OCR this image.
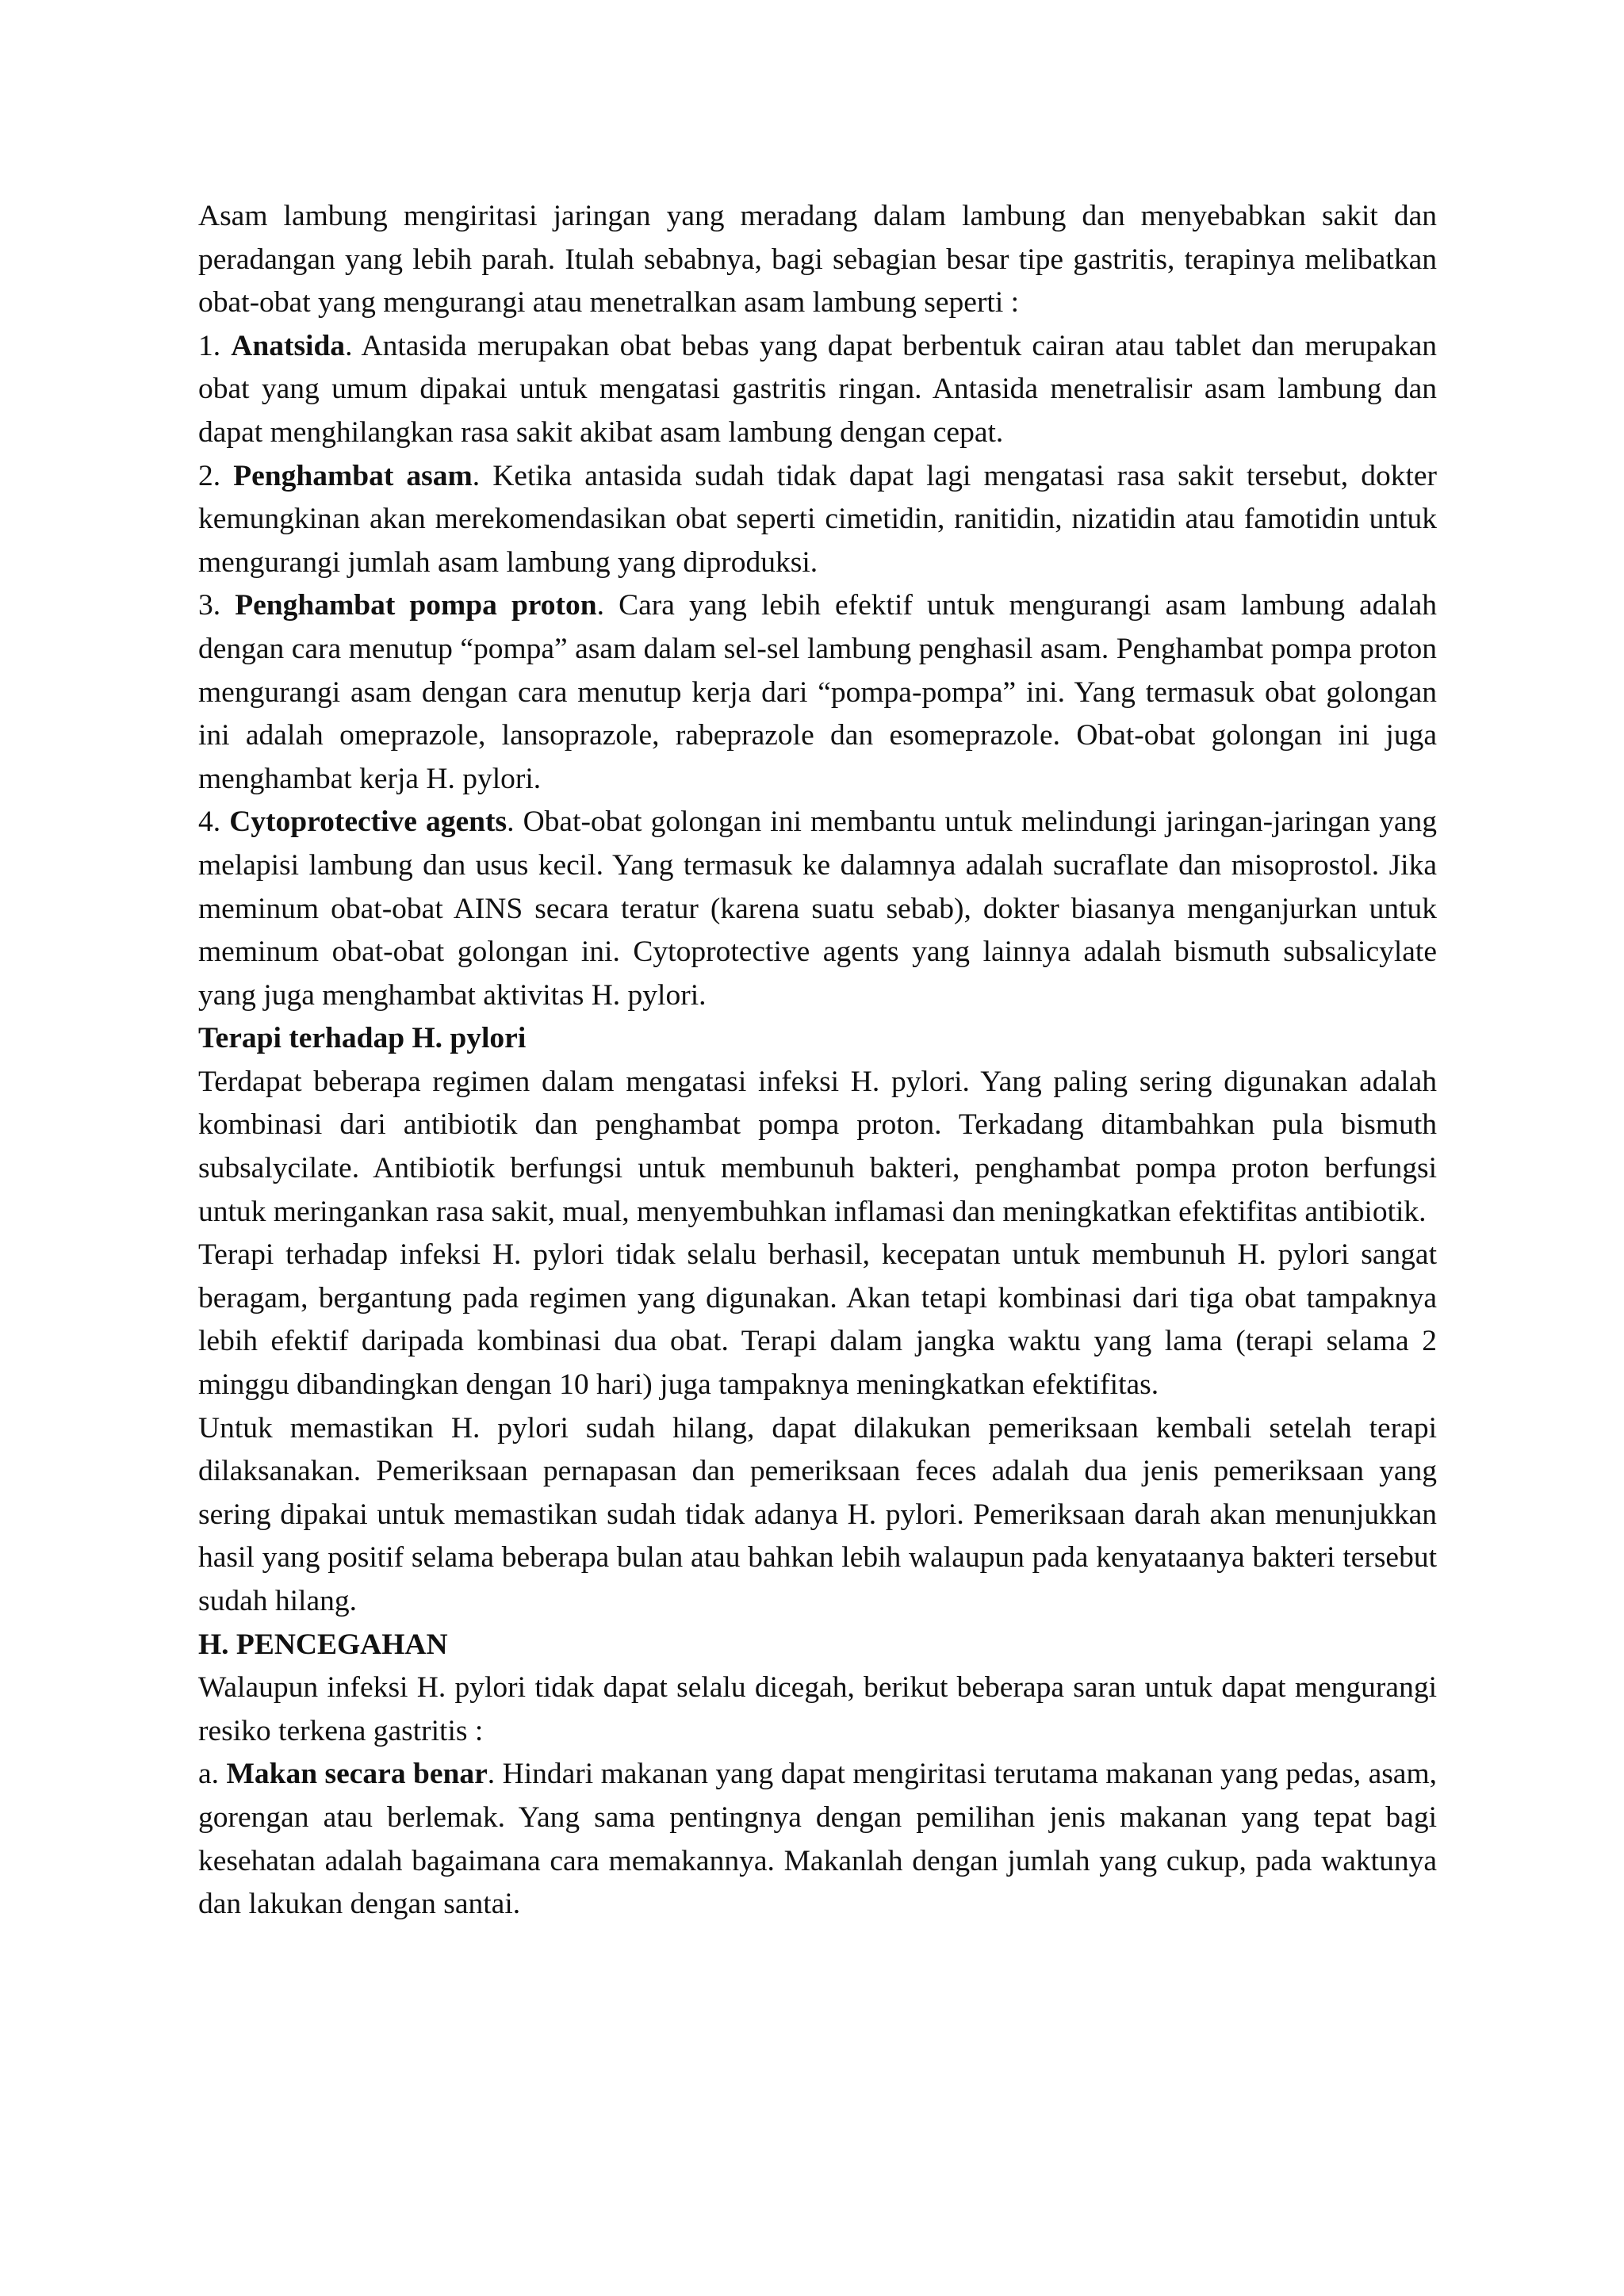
Asam lambung mengiritasi jaringan yang meradang dalam lambung dan menyebabkan sakit dan peradangan yang lebih parah. Itulah sebabnya, bagi sebagian besar tipe gastritis, terapinya melibatkan obat-obat yang mengurangi atau menetralkan asam lambung seperti :

1. Anatsida. Antasida merupakan obat bebas yang dapat berbentuk cairan atau tablet dan merupakan obat yang umum dipakai untuk mengatasi gastritis ringan. Antasida menetralisir asam lambung dan dapat menghilangkan rasa sakit akibat asam lambung dengan cepat.

2. Penghambat asam. Ketika antasida sudah tidak dapat lagi mengatasi rasa sakit tersebut, dokter kemungkinan akan merekomendasikan obat seperti cimetidin, ranitidin, nizatidin atau famotidin untuk mengurangi jumlah asam lambung yang diproduksi.

3. Penghambat pompa proton. Cara yang lebih efektif untuk mengurangi asam lambung adalah dengan cara menutup “pompa” asam dalam sel-sel lambung penghasil asam. Penghambat pompa proton mengurangi asam dengan cara menutup kerja dari “pompa-pompa” ini. Yang termasuk obat golongan ini adalah omeprazole, lansoprazole, rabeprazole dan esomeprazole. Obat-obat golongan ini juga menghambat kerja H. pylori.

4. Cytoprotective agents. Obat-obat golongan ini membantu untuk melindungi jaringan-jaringan yang melapisi lambung dan usus kecil. Yang termasuk ke dalamnya adalah sucraflate dan misoprostol. Jika meminum obat-obat AINS secara teratur (karena suatu sebab), dokter biasanya menganjurkan untuk meminum obat-obat golongan ini. Cytoprotective agents yang lainnya adalah bismuth subsalicylate yang juga menghambat aktivitas H. pylori.

Terapi terhadap H. pylori

Terdapat beberapa regimen dalam mengatasi infeksi H. pylori. Yang paling sering digunakan adalah kombinasi dari antibiotik dan penghambat pompa proton. Terkadang ditambahkan pula bismuth subsalycilate. Antibiotik berfungsi untuk membunuh bakteri, penghambat pompa proton berfungsi untuk meringankan rasa sakit, mual, menyembuhkan inflamasi dan meningkatkan efektifitas antibiotik.

Terapi terhadap infeksi H. pylori tidak selalu berhasil, kecepatan untuk membunuh H. pylori sangat beragam, bergantung pada regimen yang digunakan. Akan tetapi kombinasi dari tiga obat tampaknya lebih efektif daripada kombinasi dua obat. Terapi dalam jangka waktu yang lama (terapi selama 2 minggu dibandingkan dengan 10 hari) juga tampaknya meningkatkan efektifitas.

Untuk memastikan H. pylori sudah hilang, dapat dilakukan pemeriksaan kembali setelah terapi dilaksanakan. Pemeriksaan pernapasan dan pemeriksaan feces adalah dua jenis pemeriksaan yang sering dipakai untuk memastikan sudah tidak adanya H. pylori. Pemeriksaan darah akan menunjukkan hasil yang positif selama beberapa bulan atau bahkan lebih walaupun pada kenyataanya bakteri tersebut sudah hilang.

H. PENCEGAHAN

Walaupun infeksi H. pylori tidak dapat selalu dicegah, berikut beberapa saran untuk dapat mengurangi resiko terkena gastritis :

a. Makan secara benar. Hindari makanan yang dapat mengiritasi terutama makanan yang pedas, asam, gorengan atau berlemak. Yang sama pentingnya dengan pemilihan jenis makanan yang tepat bagi kesehatan adalah bagaimana cara memakannya. Makanlah dengan jumlah yang cukup, pada waktunya dan lakukan dengan santai.
